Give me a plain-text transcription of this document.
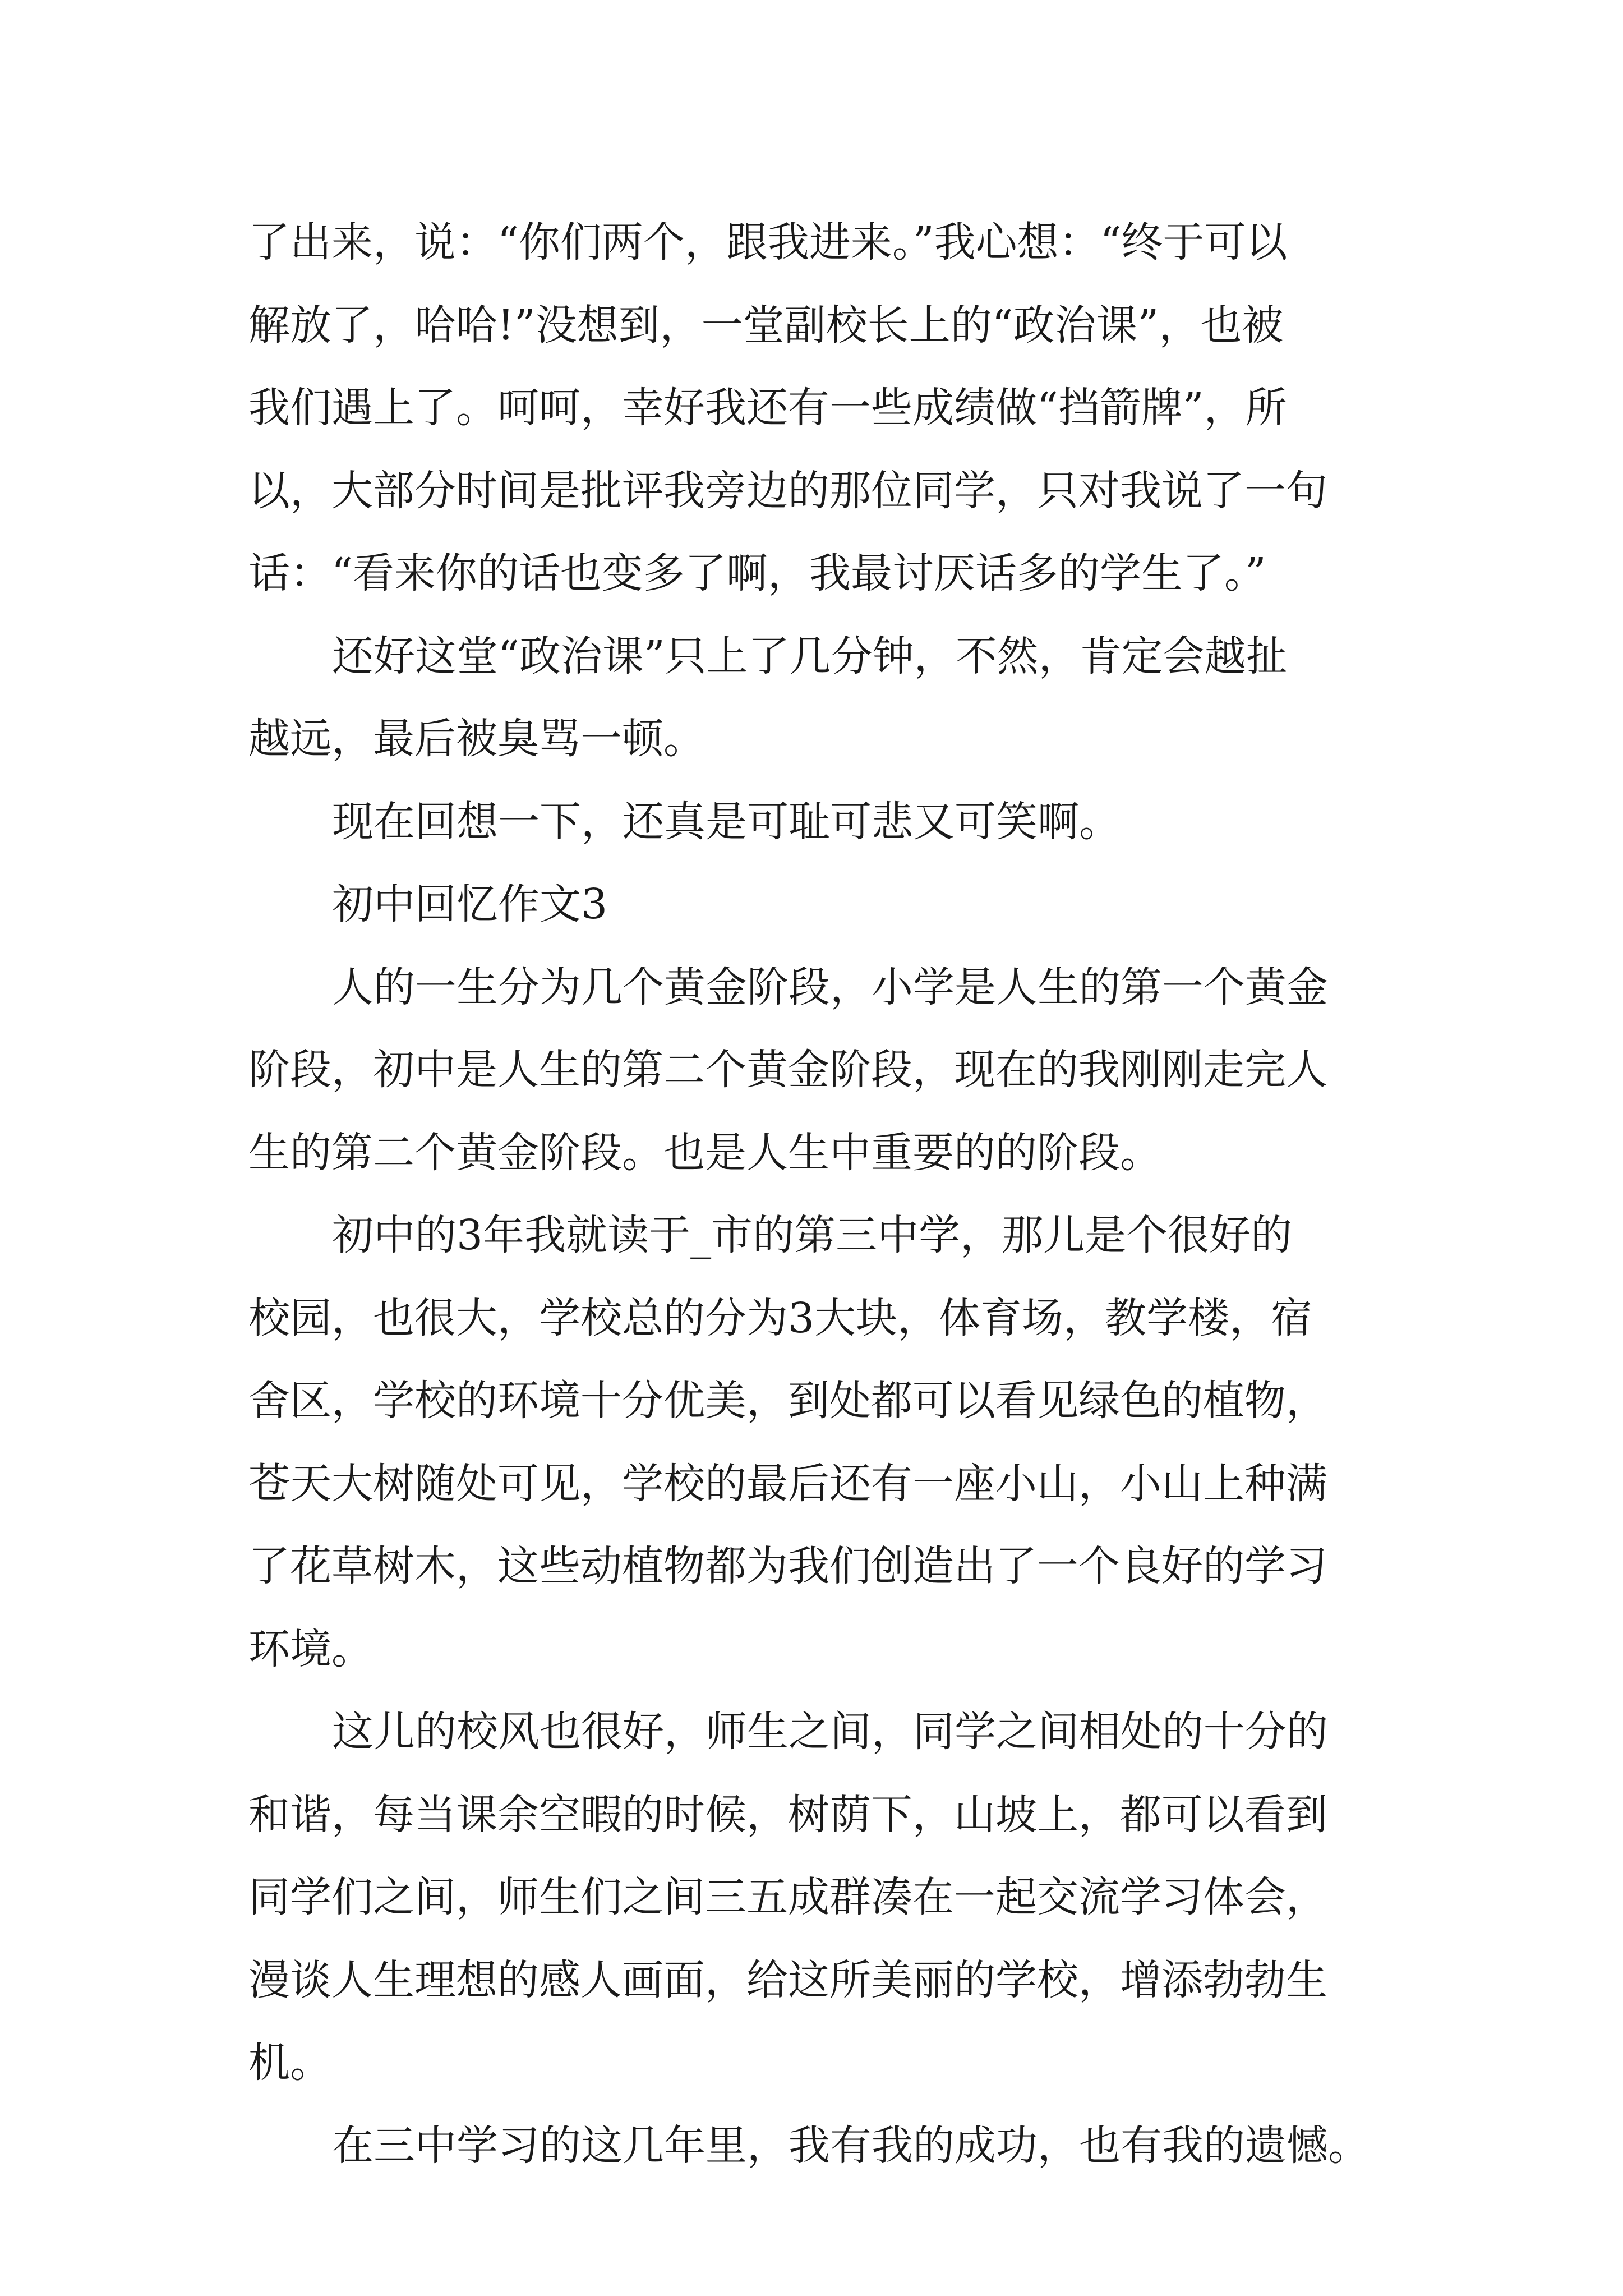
了出来，说：“你们两个，跟我进来。”我心想：“终于可以
解放了，哈哈!”没想到，一堂副校长上的“政治课”，也被
我们遇上了。呵呵，幸好我还有一些成绩做“挡箭牌”，所
以，大部分时间是批评我旁边的那位同学，只对我说了一句
话：“看来你的话也变多了啊，我最讨厌话多的学生了。”
还好这堂“政治课”只上了几分钟，不然，肯定会越扯
越远，最后被臭骂一顿。
现在回想一下，还真是可耻可悲又可笑啊。
初中回忆作文3
人的一生分为几个黄金阶段，小学是人生的第一个黄金
阶段，初中是人生的第二个黄金阶段，现在的我刚刚走完人
生的第二个黄金阶段。也是人生中重要的的阶段。
初中的3年我就读于_市的第三中学，那儿是个很好的
校园，也很大，学校总的分为3大块，体育场，教学楼，宿
舍区，学校的环境十分优美，到处都可以看见绿色的植物，
苍天大树随处可见，学校的最后还有一座小山，小山上种满
了花草树木，这些动植物都为我们创造出了一个良好的学习
环境。
这儿的校风也很好，师生之间，同学之间相处的十分的
和谐，每当课余空暇的时候，树荫下，山坡上，都可以看到
同学们之间，师生们之间三五成群凑在一起交流学习体会，
漫谈人生理想的感人画面，给这所美丽的学校，增添勃勃生
机。
在三中学习的这几年里，我有我的成功，也有我的遗憾。
